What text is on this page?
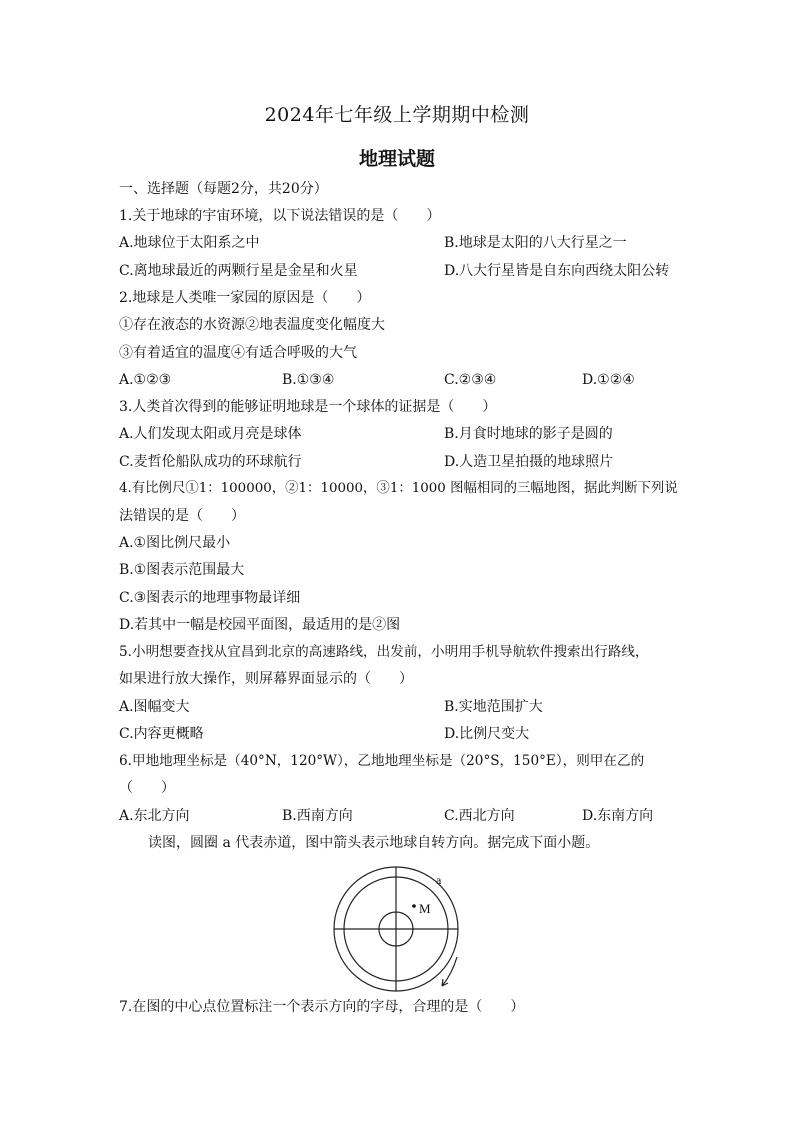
2024年七年级上学期期中检测
地理试题
一、选择题（每题2分，共20分）
1.关于地球的宇宙环境，以下说法错误的是（　　）
A.地球位于太阳系之中	B.地球是太阳的八大行星之一
C.离地球最近的两颗行星是金星和火星	D.八大行星皆是自东向西绕太阳公转
2.地球是人类唯一家园的原因是（　　）
①存在液态的水资源②地表温度变化幅度大
③有着适宜的温度④有适合呼吸的大气
A.①②③	B.①③④	C.②③④	D.①②④
3.人类首次得到的能够证明地球是一个球体的证据是（　　）
A.人们发现太阳或月亮是球体	B.月食时地球的影子是圆的
C.麦哲伦船队成功的环球航行	D.人造卫星拍摄的地球照片
4.有比例尺①1：100000，②1：10000，③1：1000 图幅相同的三幅地图，据此判断下列说
法错误的是（　　）
A.①图比例尺最小
B.①图表示范围最大
C.③图表示的地理事物最详细
D.若其中一幅是校园平面图，最适用的是②图
5.小明想要查找从宜昌到北京的高速路线，出发前，小明用手机导航软件搜索出行路线，
如果进行放大操作，则屏幕界面显示的（　　）
A.图幅变大	B.实地范围扩大
C.内容更概略	D.比例尺变大
6.甲地地理坐标是（40°N，120°W），乙地地理坐标是（20°S，150°E），则甲在乙的
（　　）
A.东北方向	B.西南方向	C.西北方向	D.东南方向
读图，圆圈 a 代表赤道，图中箭头表示地球自转方向。据完成下面小题。
M
a
7.在图的中心点位置标注一个表示方向的字母，合理的是（　　）
